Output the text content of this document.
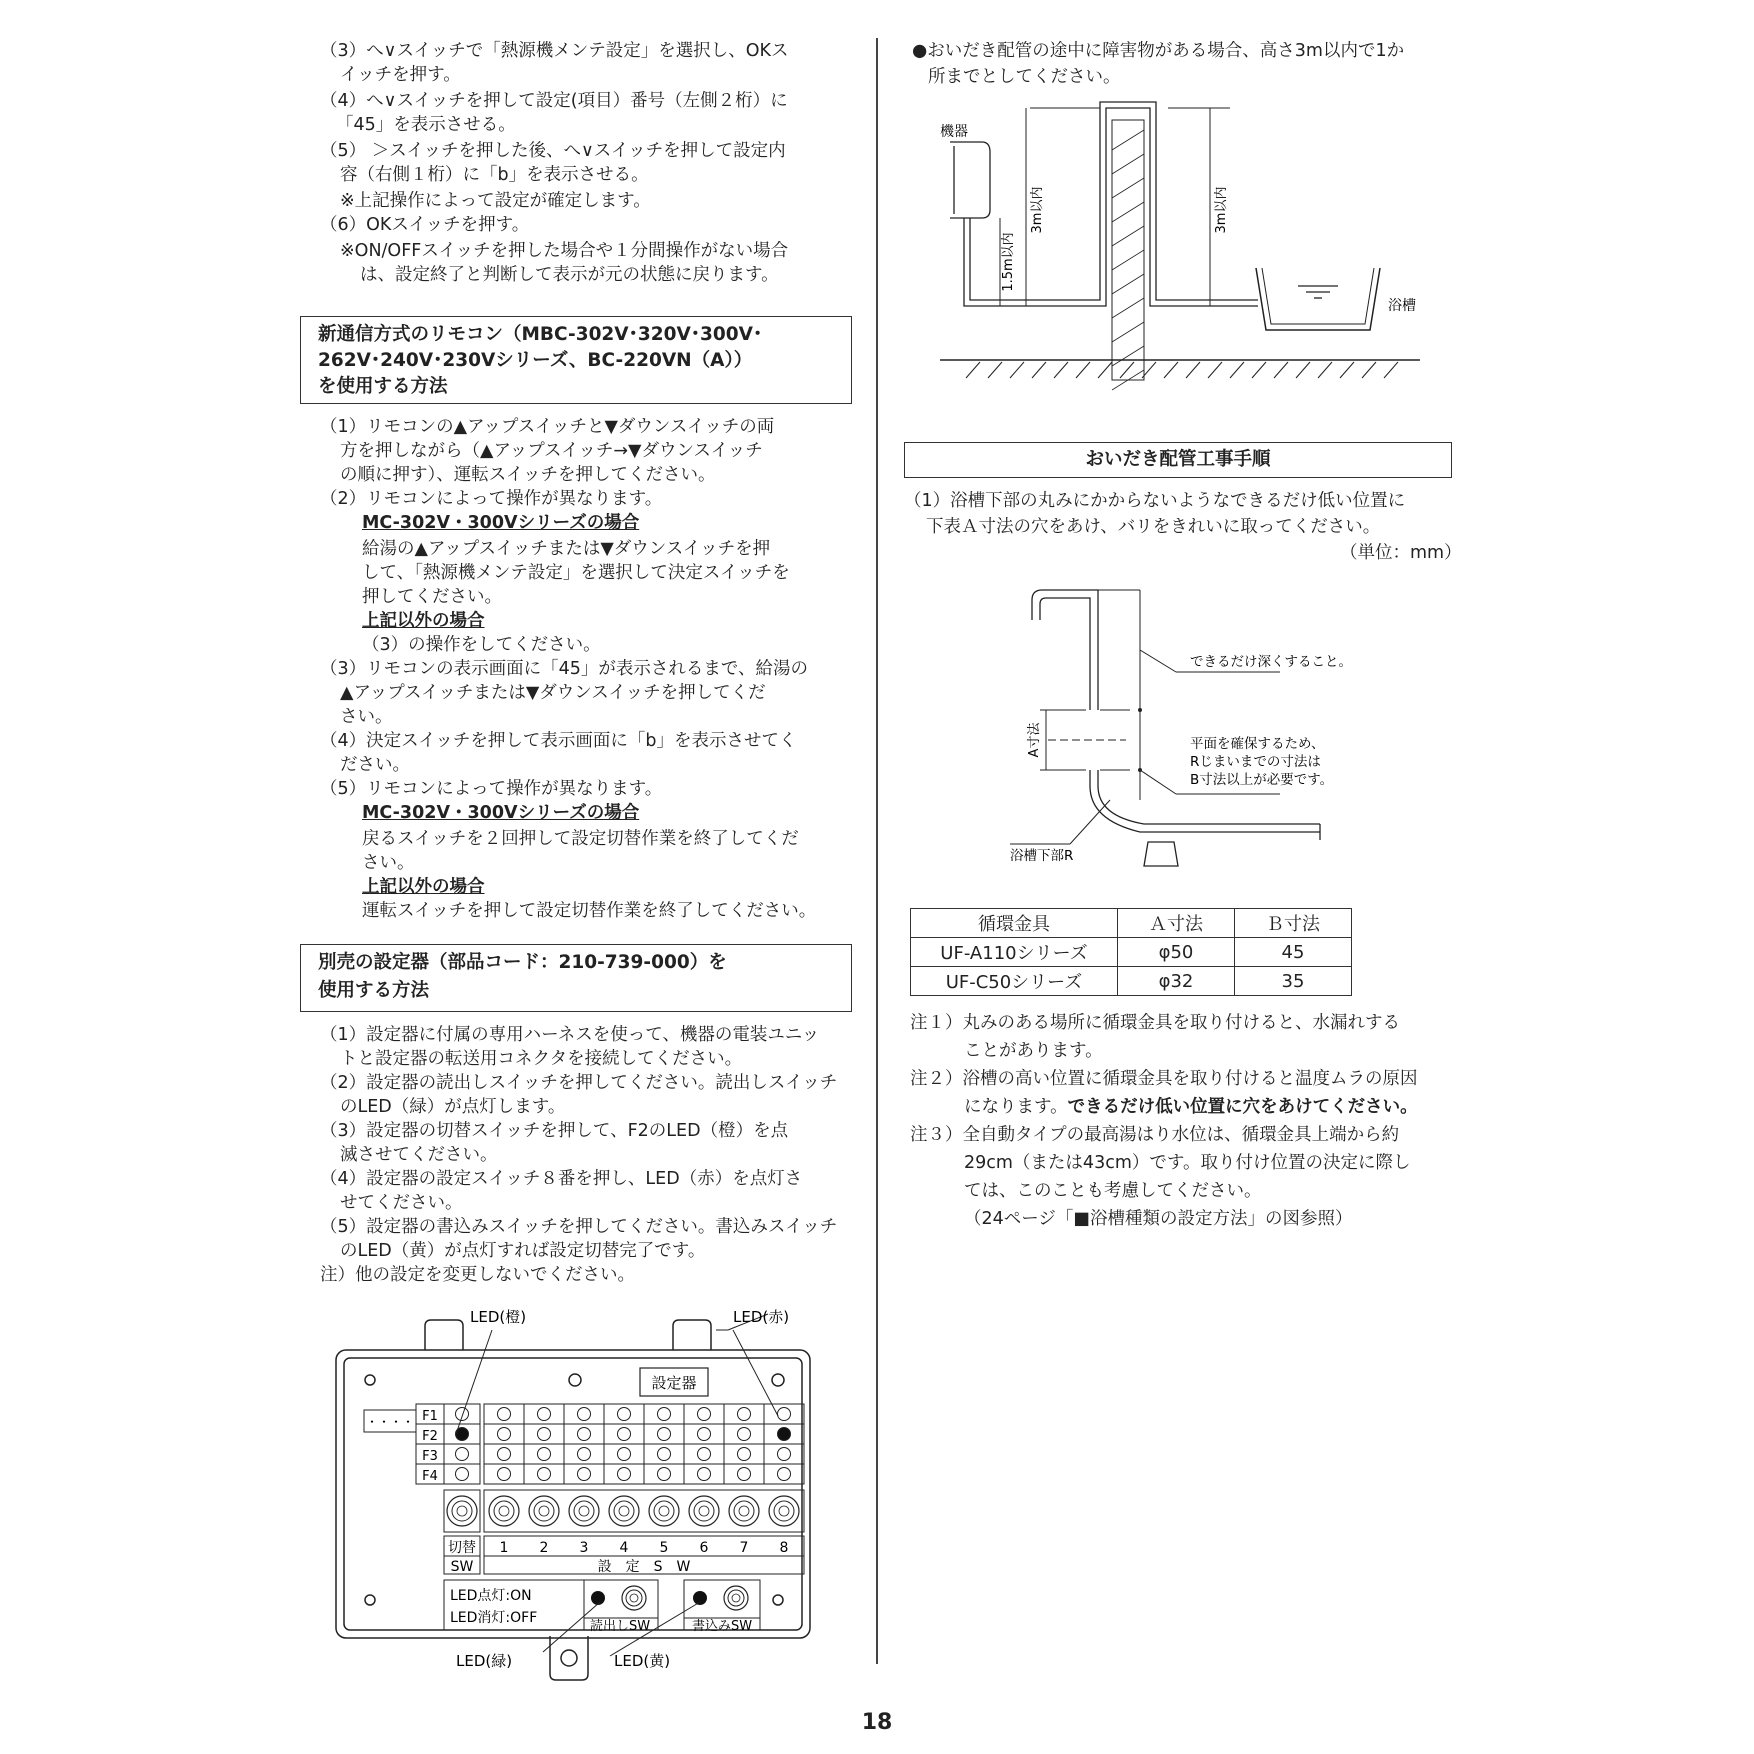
（3）へ∨スイッチで「熱源機メンテ設定」を選択し、OKス
イッチを押す。
（4）へ∨スイッチを押して設定(項目）番号（左側２桁）に
「45」を表示させる。
（5） ＞スイッチを押した後、へ∨スイッチを押して設定内
容（右側１桁）に「b」を表示させる。
※上記操作によって設定が確定します。
（6）OKスイッチを押す。
※ON/OFFスイッチを押した場合や１分間操作がない場合
は、設定終了と判断して表示が元の状態に戻ります。
新通信方式のリモコン（MBC-302V･320V･300V･
262V･240V･230Vシリーズ、BC-220VN（A））
を使用する方法
（1）リモコンの▲アップスイッチと▼ダウンスイッチの両
方を押しながら（▲アップスイッチ→▼ダウンスイッチ
の順に押す）、運転スイッチを押してください。
（2）リモコンによって操作が異なります。
MC-302V・300Vシリーズの場合
給湯の▲アップスイッチまたは▼ダウンスイッチを押
して、「熱源機メンテ設定」を選択して決定スイッチを
押してください。
上記以外の場合
（3）の操作をしてください。
（3）リモコンの表示画面に「45」が表示されるまで、給湯の
▲アップスイッチまたは▼ダウンスイッチを押してくだ
さい。
（4）決定スイッチを押して表示画面に「b」を表示させてく
ださい。
（5）リモコンによって操作が異なります。
MC-302V・300Vシリーズの場合
戻るスイッチを２回押して設定切替作業を終了してくだ
さい。
上記以外の場合
運転スイッチを押して設定切替作業を終了してください。
別売の設定器（部品コード：210-739-000）を
使用する方法
（1）設定器に付属の専用ハーネスを使って、機器の電装ユニッ
トと設定器の転送用コネクタを接続してください。
（2）設定器の読出しスイッチを押してください。読出しスイッチ
のLED（緑）が点灯します。
（3）設定器の切替スイッチを押して、F2のLED（橙）を点
滅させてください。
（4）設定器の設定スイッチ８番を押し、LED（赤）を点灯さ
せてください。
（5）設定器の書込みスイッチを押してください。書込みスイッチ
のLED（黄）が点灯すれば設定切替完了です。
注）他の設定を変更しないでください。
設定器
・・・・ F1
F2
F3
F4
切替
SW
1 2 3 4 5 6 7 8
設　定　S　W
LED点灯:ON
LED消灯:OFF
読出しSW	書込みSW
LED(橙)	LED(赤)
LED(緑)	LED(黄)
●おいだき配管の途中に障害物がある場合、高さ3m以内で1か
所までとしてください。
機器
3m以内	3m以内
1.5m以内
浴槽
おいだき配管工事手順
（1）浴槽下部の丸みにかからないようなできるだけ低い位置に
下表Ａ寸法の穴をあけ、バリをきれいに取ってください。
（単位：mm）
できるだけ深くすること。
平面を確保するため、
Rじまいまでの寸法は
B寸法以上が必要です。
A寸法
浴槽下部R
循環金具	Ａ寸法	Ｂ寸法
UF-A110シリーズ	φ50	45
UF-C50シリーズ	φ32	35
注１）丸みのある場所に循環金具を取り付けると、水漏れする
ことがあります。
注２）浴槽の高い位置に循環金具を取り付けると温度ムラの原因
になります。できるだけ低い位置に穴をあけてください。
注３）全自動タイプの最高湯はり水位は、循環金具上端から約
29cm（または43cm）です。取り付け位置の決定に際し
ては、このことも考慮してください。
（24ページ「■浴槽種類の設定方法」の図参照）
18
